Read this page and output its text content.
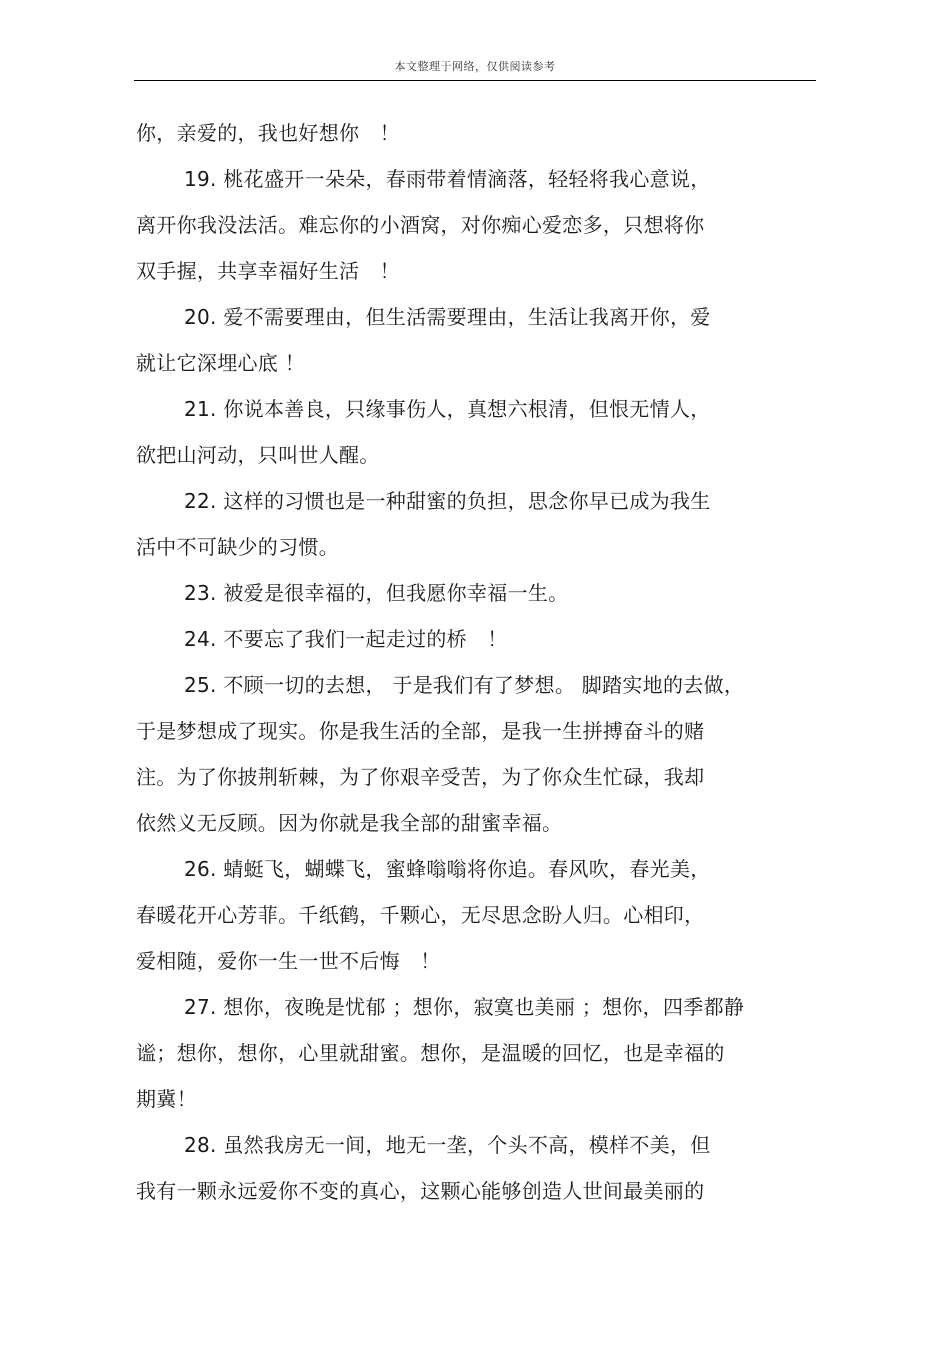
本文整理于网络，仅供阅读参考
你，亲爱的，我也好想你　！
19. 桃花盛开一朵朵，春雨带着情滴落，轻轻将我心意说，
离开你我没法活。难忘你的小酒窝，对你痴心爱恋多，只想将你
双手握，共享幸福好生活　！
20. 爱不需要理由，但生活需要理由，生活让我离开你，爱
就让它深埋心底 ！
21. 你说本善良，只缘事伤人，真想六根清，但恨无情人，
欲把山河动，只叫世人醒。
22. 这样的习惯也是一种甜蜜的负担，思念你早已成为我生
活中不可缺少的习惯。
23. 被爱是很幸福的，但我愿你幸福一生。
24. 不要忘了我们一起走过的桥　！
25. 不顾一切的去想， 于是我们有了梦想。 脚踏实地的去做，
于是梦想成了现实。你是我生活的全部，是我一生拼搏奋斗的赌
注。为了你披荆斩棘，为了你艰辛受苦，为了你众生忙碌，我却
依然义无反顾。因为你就是我全部的甜蜜幸福。
26. 蜻蜓飞，蝴蝶飞，蜜蜂嗡嗡将你追。春风吹，春光美，
春暖花开心芳菲。千纸鹤，千颗心，无尽思念盼人归。心相印，
爱相随，爱你一生一世不后悔　！
27. 想你，夜晚是忧郁 ；想你，寂寞也美丽 ；想你，四季都静
谧；想你，想你，心里就甜蜜。想你，是温暖的回忆，也是幸福的
期冀！
28. 虽然我房无一间，地无一垄，个头不高，模样不美，但
我有一颗永远爱你不变的真心，这颗心能够创造人世间最美丽的
